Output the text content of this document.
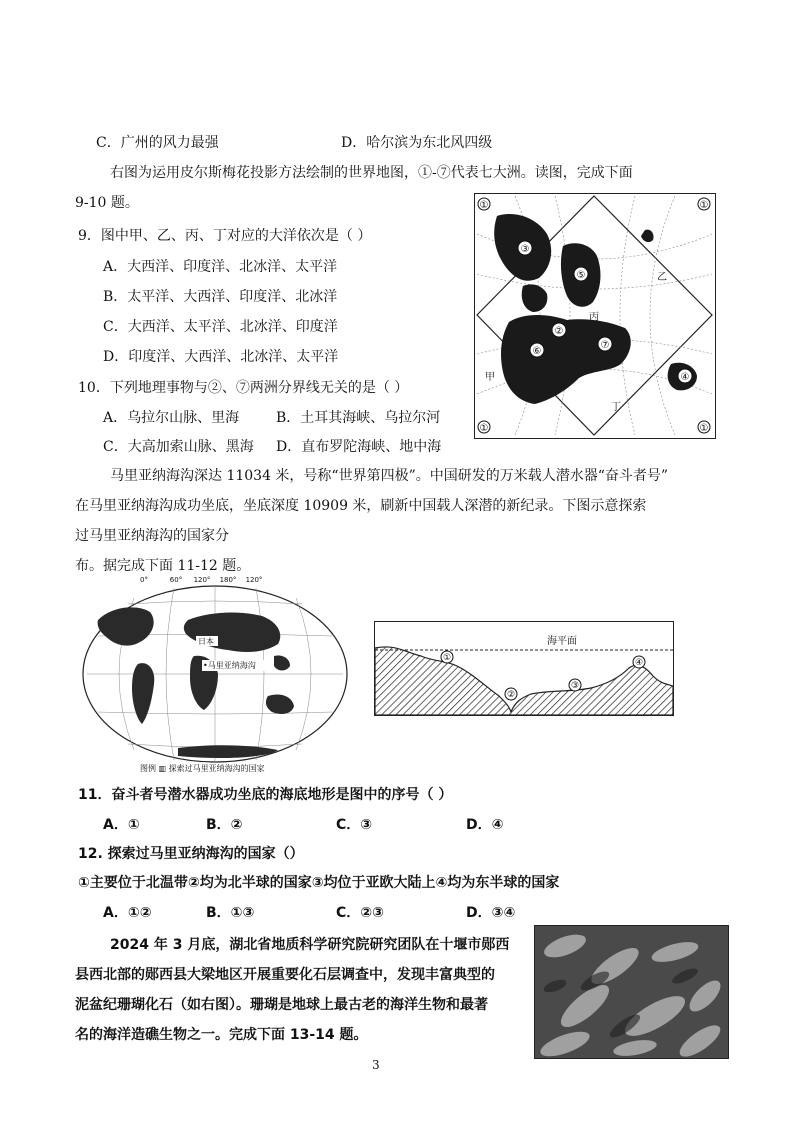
C．广州的风力最强	D．哈尔滨为东北风四级
右图为运用皮尔斯梅花投影方法绘制的世界地图，①-⑦代表七大洲。读图，完成下面
9-10 题。
9．图中甲、乙、丙、丁对应的大洋依次是（ ）
A．大西洋、印度洋、北冰洋、太平洋
B．太平洋、大西洋、印度洋、北冰洋
C．大西洋、太平洋、北冰洋、印度洋
D．印度洋、大西洋、北冰洋、太平洋
10．下列地理事物与②、⑦两洲分界线无关的是（ ）
A．乌拉尔山脉、里海	B．土耳其海峡、乌拉尔河
C．大高加索山脉、黑海 D．直布罗陀海峡、地中海
③
⑤
②
⑥
⑦
④
①	①
①	①
甲
乙
丙
丁
马里亚纳海沟深达 11034 米，号称“世界第四极”。中国研发的万米载人潜水器“奋斗者号”
在马里亚纳海沟成功坐底，坐底深度 10909 米，刷新中国载人深潜的新纪录。下图示意探索
过马里亚纳海沟的国家分
布。据完成下面 11-12 题。
0°	60° 120° 180° 120°
日本
•马里亚纳海沟
图例 ▥ 探索过马里亚纳海沟的国家
海平面
①
②
③
④
11．奋斗者号潜水器成功坐底的海底地形是图中的序号（ ）
A．①	B．②	C．③	D．④
12. 探索过马里亚纳海沟的国家（）
①主要位于北温带②均为北半球的国家③均位于亚欧大陆上④均为东半球的国家
A．①②	B．①③	C．②③	D．③④
2024 年 3 月底，湖北省地质科学研究院研究团队在十堰市郧西
县西北部的郧西县大梁地区开展重要化石层调查中，发现丰富典型的
泥盆纪珊瑚化石（如右图）。珊瑚是地球上最古老的海洋生物和最著
名的海洋造礁生物之一。完成下面 13-14 题。
3
